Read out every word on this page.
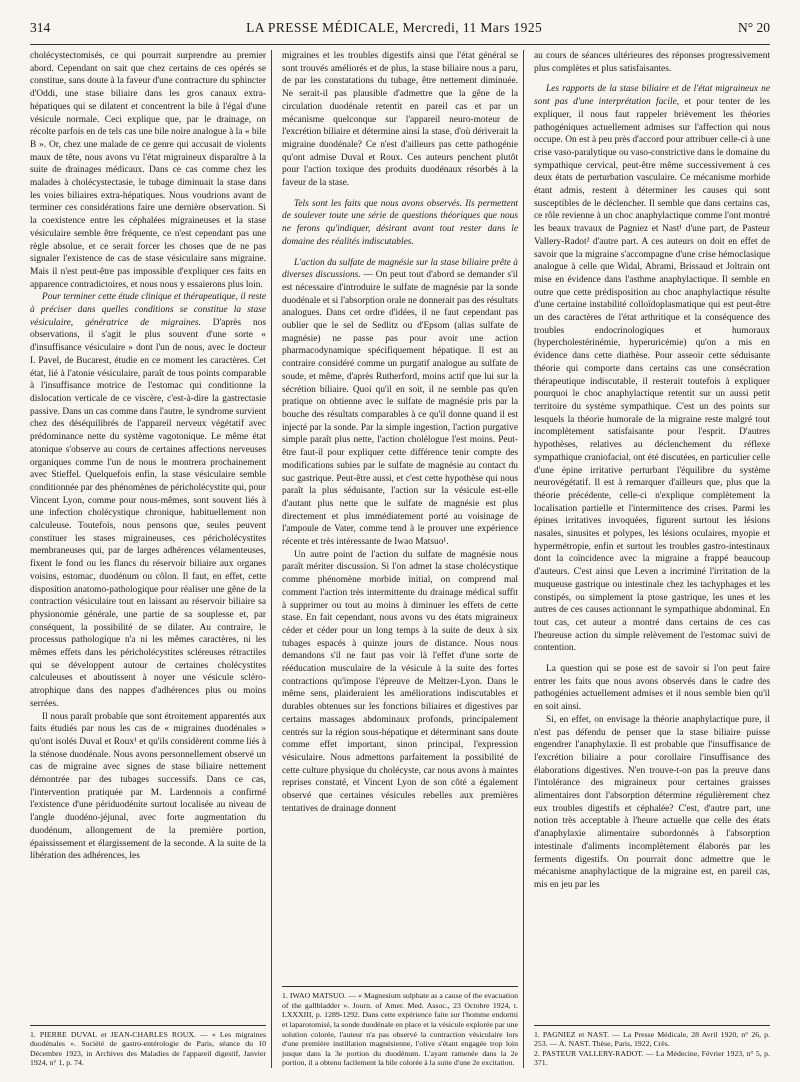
314	LA PRESSE MÉDICALE, Mercredi, 11 Mars 1925	N° 20

cholécystectomisés, ce qui pourrait surprendre au premier abord. Cependant on sait que chez certains de ces opérés se constitue, sans doute à la faveur d'une contracture du sphincter d'Oddi, une stase biliaire dans les gros canaux extra-hépatiques qui se dilatent et concentrent la bile à l'égal d'une vésicule normale. Ceci explique que, par le drainage, on récolte parfois en de tels cas une bile noire analogue à la « bile B ». Or, chez une malade de ce genre qui accusait de violents maux de tête, nous avons vu l'état migraineux disparaître à la suite de drainages médicaux. Dans ce cas comme chez les malades à cholécystectasie, le tubage diminuait la stase dans les voies biliaires extra-hépatiques. Nous voudrions avant de terminer ces considérations faire une dernière observation. Si la coexistence entre les céphalées migraineuses et la stase vésiculaire semble être fréquente, ce n'est cependant pas une règle absolue, et ce serait forcer les choses que de ne pas signaler l'existence de cas de stase vésiculaire sans migraine. Mais il n'est peut-être pas impossible d'expliquer ces faits en apparence contradictoires, et nous nous y essaierons plus loin.

Pour terminer cette étude clinique et thérapeutique, il reste à préciser dans quelles conditions se constitue la stase vésiculaire, génératrice de migraines. D'après nos observations, il s'agit le plus souvent d'une sorte « d'insuffisance vésiculaire » dont l'un de nous, avec le docteur I. Pavel, de Bucarest, étudie en ce moment les caractères. Cet état, lié à l'atonie vésiculaire, paraît de tous points comparable à l'insuffisance motrice de l'estomac qui conditionne la dislocation verticale de ce viscère, c'est-à-dire la gastrectasie passive. Dans un cas comme dans l'autre, le syndrome survient chez des déséquilibrés de l'appareil nerveux végétatif avec prédominance nette du système vagotonique. Le même état atonique s'observe au cours de certaines affections nerveuses organiques comme l'un de nous le montrera prochainement avec Stieffel. Quelquefois enfin, la stase vésiculaire semble conditionnée par des phénomènes de péricholécystite qui, pour Vincent Lyon, comme pour nous-mêmes, sont souvent liés à une infection cholécystique chronique, habituellement non calculeuse. Toutefois, nous pensons que, seules peuvent constituer les stases migraineuses, ces péricholécystites membraneuses qui, par de larges adhérences vélamenteuses, fixent le fond ou les flancs du réservoir biliaire aux organes voisins, estomac, duodénum ou côlon. Il faut, en effet, cette disposition anatomo-pathologique pour réaliser une gêne de la contraction vésiculaire tout en laissant au réservoir biliaire sa physionomie générale, une partie de sa souplesse et, par conséquent, la possibilité de se dilater. Au contraire, le processus pathologique n'a ni les mêmes caractères, ni les mêmes effets dans les péricholécystites scléreuses rétractiles qui se développent autour de certaines cholécystites calculeuses et aboutissent à noyer une vésicule scléro-atrophique dans des nappes d'adhérences plus ou moins serrées.

Il nous paraît probable que sont étroitement apparentés aux faits étudiés par nous les cas de « migraines duodénales » qu'ont isolés Duval et Roux¹ et qu'ils considèrent comme liés à la sténose duodénale. Nous avons personnellement observé un cas de migraine avec signes de stase biliaire nettement démontrée par des tubages successifs. Dans ce cas, l'intervention pratiquée par M. Lardennois a confirmé l'existence d'une périduodénite surtout localisée au niveau de l'angle duodéno-jéjunal, avec forte augmentation du duodénum, allongement de la première portion, épaississement et élargissement de la seconde. A la suite de la libération des adhérences, les

1. PIERRE DUVAL et JEAN-CHARLES ROUX. — « Les migraines duodénales ». Société de gastro-entérologie de Paris, séance du 10 Décembre 1923, in Archives des Maladies de l'appareil digestif, Janvier 1924, n° 1, p. 74.

migraines et les troubles digestifs ainsi que l'état général se sont trouvés améliorés et de plus, la stase biliaire nous a paru, de par les constatations du tubage, être nettement diminuée. Ne serait-il pas plausible d'admettre que la gêne de la circulation duodénale retentit en pareil cas et par un mécanisme quelconque sur l'appareil neuro-moteur de l'excrétion biliaire et détermine ainsi la stase, d'où dériverait la migraine duodénale? Ce n'est d'ailleurs pas cette pathogénie qu'ont admise Duval et Roux. Ces auteurs penchent plutôt pour l'action toxique des produits duodénaux résorbés à la faveur de la stase.

Tels sont les faits que nous avons observés. Ils permettent de soulever toute une série de questions théoriques que nous ne ferons qu'indiquer, désirant avant tout rester dans le domaine des réalités indiscutables.

L'action du sulfate de magnésie sur la stase biliaire prête à diverses discussions. — On peut tout d'abord se demander s'il est nécessaire d'introduire le sulfate de magnésie par la sonde duodénale et si l'absorption orale ne donnerait pas des résultats analogues. Dans cet ordre d'idées, il ne faut cependant pas oublier que le sel de Sedlitz ou d'Epsom (alias sulfate de magnésie) ne passe pas pour avoir une action pharmacodynamique spécifiquement hépatique. Il est au contraire considéré comme un purgatif analogue au sulfate de soude, et même, d'après Rutherford, moins actif que lui sur la sécrétion biliaire. Quoi qu'il en soit, il ne semble pas qu'en pratique on obtienne avec le sulfate de magnésie pris par la bouche des résultats comparables à ce qu'il donne quand il est injecté par la sonde. Par la simple ingestion, l'action purgative simple paraît plus nette, l'action cholélogue l'est moins. Peut-être faut-il pour expliquer cette différence tenir compte des modifications subies par le sulfate de magnésie au contact du suc gastrique. Peut-être aussi, et c'est cette hypothèse qui nous paraît la plus séduisante, l'action sur la vésicule est-elle d'autant plus nette que le sulfate de magnésie est plus directement et plus immédiatement porté au voisinage de l'ampoule de Vater, comme tend à le prouver une expérience récente et très intéressante de Iwao Matsuo¹.

Un autre point de l'action du sulfate de magnésie nous paraît mériter discussion. Si l'on admet la stase cholécystique comme phénomène morbide initial, on comprend mal comment l'action très intermittente du drainage médical suffit à supprimer ou tout au moins à diminuer les effets de cette stase. En fait cependant, nous avons vu des états migraineux céder et céder pour un long temps à la suite de deux à six tubages espacés à quinze jours de distance. Nous nous demandons s'il ne faut pas voir là l'effet d'une sorte de rééducation musculaire de la vésicule à la suite des fortes contractions qu'impose l'épreuve de Meltzer-Lyon. Dans le même sens, plaideraient les améliorations indiscutables et durables obtenues sur les fonctions biliaires et digestives par certains massages abdominaux profonds, principalement centrés sur la région sous-hépatique et déterminant sans doute comme effet important, sinon principal, l'expression vésiculaire. Nous admettons parfaitement la possibilité de cette culture physique du cholécyste, car nous avons à maintes reprises constaté, et Vincent Lyon de son côté a également observé que certaines vésicules rebelles aux premières tentatives de drainage donnent

1. IWAO MATSUO. — « Magnesium sulphate as a cause of the evacuation of the gallbladder ». Journ. of Amer. Med. Assoc., 23 Octobre 1924, t. LXXXIII, p. 1289-1292. Dans cette expérience faite sur l'homme endormi et laparotomisé, la sonde duodénale en place et la vésicule explorée par une solution colorée, l'auteur n'a pas observé la contraction vésiculaire lors d'une première instillation magnésienne, l'olive s'étant engagée trop loin jusque dans la 3e portion du duodénum. L'ayant ramenée dans la 2e portion, il a obtenu facilement la bile colorée à la suite d'une 2e excitation.

au cours de séances ultérieures des réponses progressivement plus complètes et plus satisfaisantes.

Les rapports de la stase biliaire et de l'état migraineux ne sont pas d'une interprétation facile, et pour tenter de les expliquer, il nous faut rappeler brièvement les théories pathogéniques actuellement admises sur l'affection qui nous occupe. On est à peu près d'accord pour attribuer celle-ci à une crise vaso-paralytique ou vaso-constrictive dans le domaine du sympathique cervical, peut-être même successivement à ces deux états de perturbation vasculaire. Ce mécanisme morbide étant admis, restent à déterminer les causes qui sont susceptibles de le déclencher. Il semble que dans certains cas, ce rôle revienne à un choc anaphylactique comme l'ont montré les beaux travaux de Pagniez et Nast¹ d'une part, de Pasteur Vallery-Radot² d'autre part. A ces auteurs on doit en effet de savoir que la migraine s'accompagne d'une crise hémoclasique analogue à celle que Widal, Abrami, Brissaud et Joltrain ont mise en évidence dans l'asthme anaphylactique. Il semble en outre que cette prédisposition au choc anaphylactique résulte d'une certaine instabilité colloïdoplasmatique qui est peut-être un des caractères de l'état arthritique et la conséquence des troubles endocrinologiques et humoraux (hypercholestérinémie, hyperuricémie) qu'on a mis en évidence dans cette diathèse. Pour asseoir cette séduisante théorie qui comporte dans certains cas une consécration thérapeutique indiscutable, il resterait toutefois à expliquer pourquoi le choc anaphylactique retentit sur un aussi petit territoire du système sympathique. C'est un des points sur lesquels la théorie humorale de la migraine reste malgré tout incomplètement satisfaisante pour l'esprit. D'autres hypothèses, relatives au déclenchement du réflexe sympathique craniofacial, ont été discutées, en particulier celle d'une épine irritative perturbant l'équilibre du système neurovégétatif. Il est à remarquer d'ailleurs que, plus que la théorie précédente, celle-ci n'explique complètement la localisation partielle et l'intermittence des crises. Parmi les épines irritatives invoquées, figurent surtout les lésions nasales, sinusites et polypes, les lésions oculaires, myopie et hypermétropie, enfin et surtout les troubles gastro-intestinaux dont la coïncidence avec la migraine a frappé beaucoup d'auteurs. C'est ainsi que Leven a incriminé l'irritation de la muqueuse gastrique ou intestinale chez les tachyphages et les constipés, ou simplement la ptose gastrique, les unes et les autres de ces causes actionnant le sympathique abdominal. En tout cas, cet auteur a montré dans certains de ces cas l'heureuse action du simple relèvement de l'estomac suivi de contention.

La question qui se pose est de savoir si l'on peut faire entrer les faits que nous avons observés dans le cadre des pathogénies actuellement admises et il nous semble bien qu'il en soit ainsi.

Si, en effet, on envisage la théorie anaphylactique pure, il n'est pas défendu de penser que la stase biliaire puisse engendrer l'anaphylaxie. Il est probable que l'insuffisance de l'excrétion biliaire a pour corollaire l'insuffisance des élaborations digestives. N'en trouve-t-on pas la preuve dans l'intolérance des migraineux pour certaines graisses alimentaires dont l'absorption détermine régulièrement chez eux troubles digestifs et céphalée? C'est, d'autre part, une notion très acceptable à l'heure actuelle que celle des états d'anaphylaxie alimentaire subordonnés à l'absorption intestinale d'aliments incomplètement élaborés par les ferments digestifs. On pourrait donc admettre que le mécanisme anaphylactique de la migraine est, en pareil cas, mis en jeu par les

1. PAGNIEZ et NAST. — La Presse Médicale, 28 Avril 1920, n° 26, p. 253. — A. NAST. Thèse, Paris, 1922, Crès.

2. PASTEUR VALLERY-RADOT. — La Médecine, Février 1923, n° 5, p. 371.
